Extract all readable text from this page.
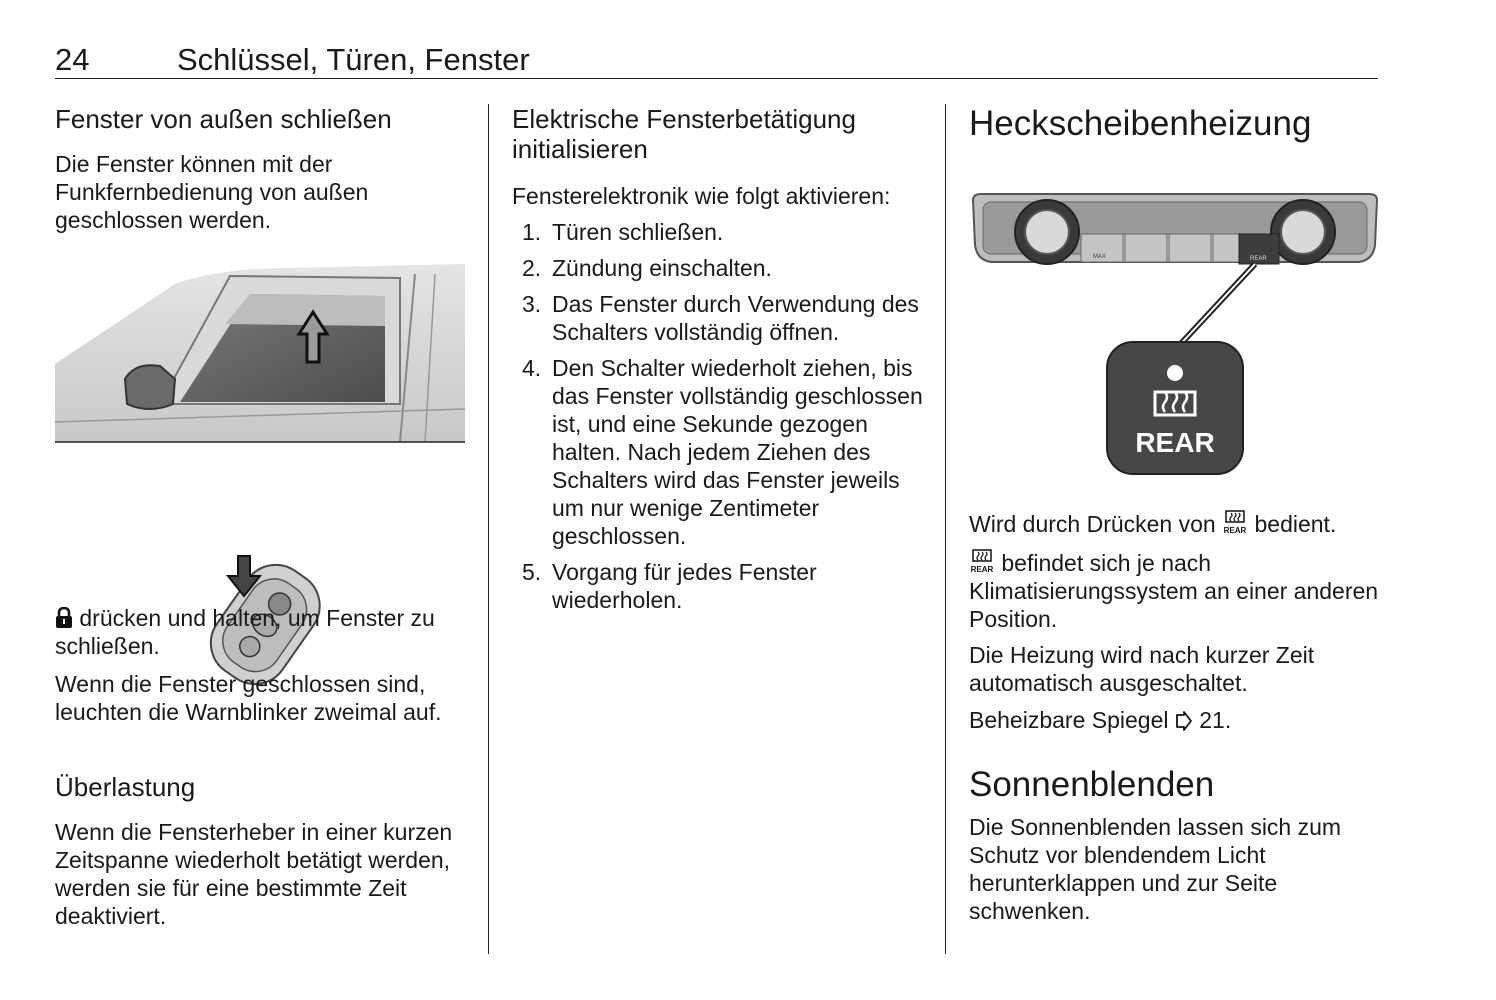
24	Schlüssel, Türen, Fenster
Fenster von außen schließen

Die Fenster können mit der Funkfernbedienung von außen geschlossen werden.

drücken und halten, um Fenster zu schließen.

Wenn die Fenster geschlossen sind, leuchten die Warnblinker zweimal auf.

Überlastung

Wenn die Fensterheber in einer kurzen Zeitspanne wiederholt betätigt werden, werden sie für eine bestimmte Zeit deaktiviert.

Elektrische Fensterbetätigung initialisieren

Fensterelektronik wie folgt aktivieren:

1. Türen schließen.
2. Zündung einschalten.
3. Das Fenster durch Verwendung des Schalters vollständig öffnen.
4. Den Schalter wiederholt ziehen, bis das Fenster vollständig geschlossen ist, und eine Sekunde gezogen halten. Nach jedem Ziehen des Schalters wird das Fenster jeweils um nur wenige Zentimeter geschlossen.
5. Vorgang für jedes Fenster wiederholen.
Heckscheibenheizung
MAX	REAR
REAR

Wird durch Drücken von REAR bedient.

REAR befindet sich je nach Klimatisierungssystem an einer anderen Position.

Die Heizung wird nach kurzer Zeit automatisch ausgeschaltet.

Beheizbare Spiegel  21.

Sonnenblenden

Die Sonnenblenden lassen sich zum Schutz vor blendendem Licht herunterklappen und zur Seite schwenken.
